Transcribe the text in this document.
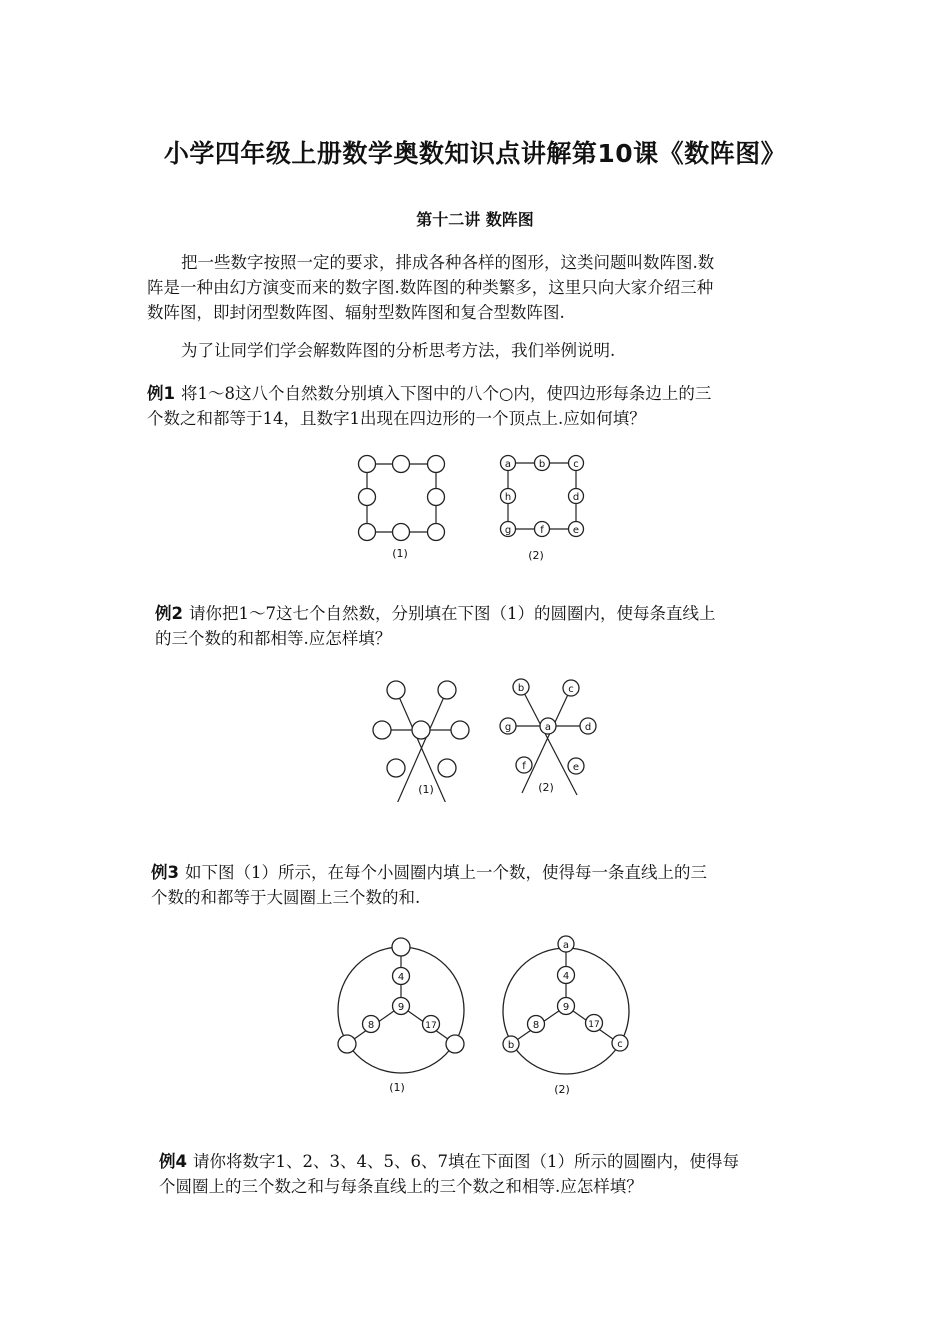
小学四年级上册数学奥数知识点讲解第10课《数阵图》
第十二讲 数阵图

把一些数字按照一定的要求，排成各种各样的图形，这类问题叫数阵图.数

阵是一种由幻方演变而来的数字图.数阵图的种类繁多，这里只向大家介绍三种

数阵图，即封闭型数阵图、辐射型数阵图和复合型数阵图.

为了让同学们学会解数阵图的分析思考方法，我们举例说明.

例1 将1～8这八个自然数分别填入下图中的八个○内，使四边形每条边上的三

个数之和都等于14，且数字1出现在四边形的一个顶点上.应如何填？

a	b	c
d
e
f
g
h
(1)	(2)

例2 请你把1～7这七个自然数，分别填在下图（1）的圆圈内，使每条直线上

的三个数的和都相等.应怎样填？

a
b	c
d
e
f
g
(1)	(2)

例3 如下图（1）所示，在每个小圆圈内填上一个数，使得每一条直线上的三

个数的和都等于大圆圈上三个数的和.

4
9
8	17
4
9
8	17
a
b	c
(1)	(2)

例4 请你将数字1、2、3、4、5、6、7填在下面图（1）所示的圆圈内，使得每

个圆圈上的三个数之和与每条直线上的三个数之和相等.应怎样填？
